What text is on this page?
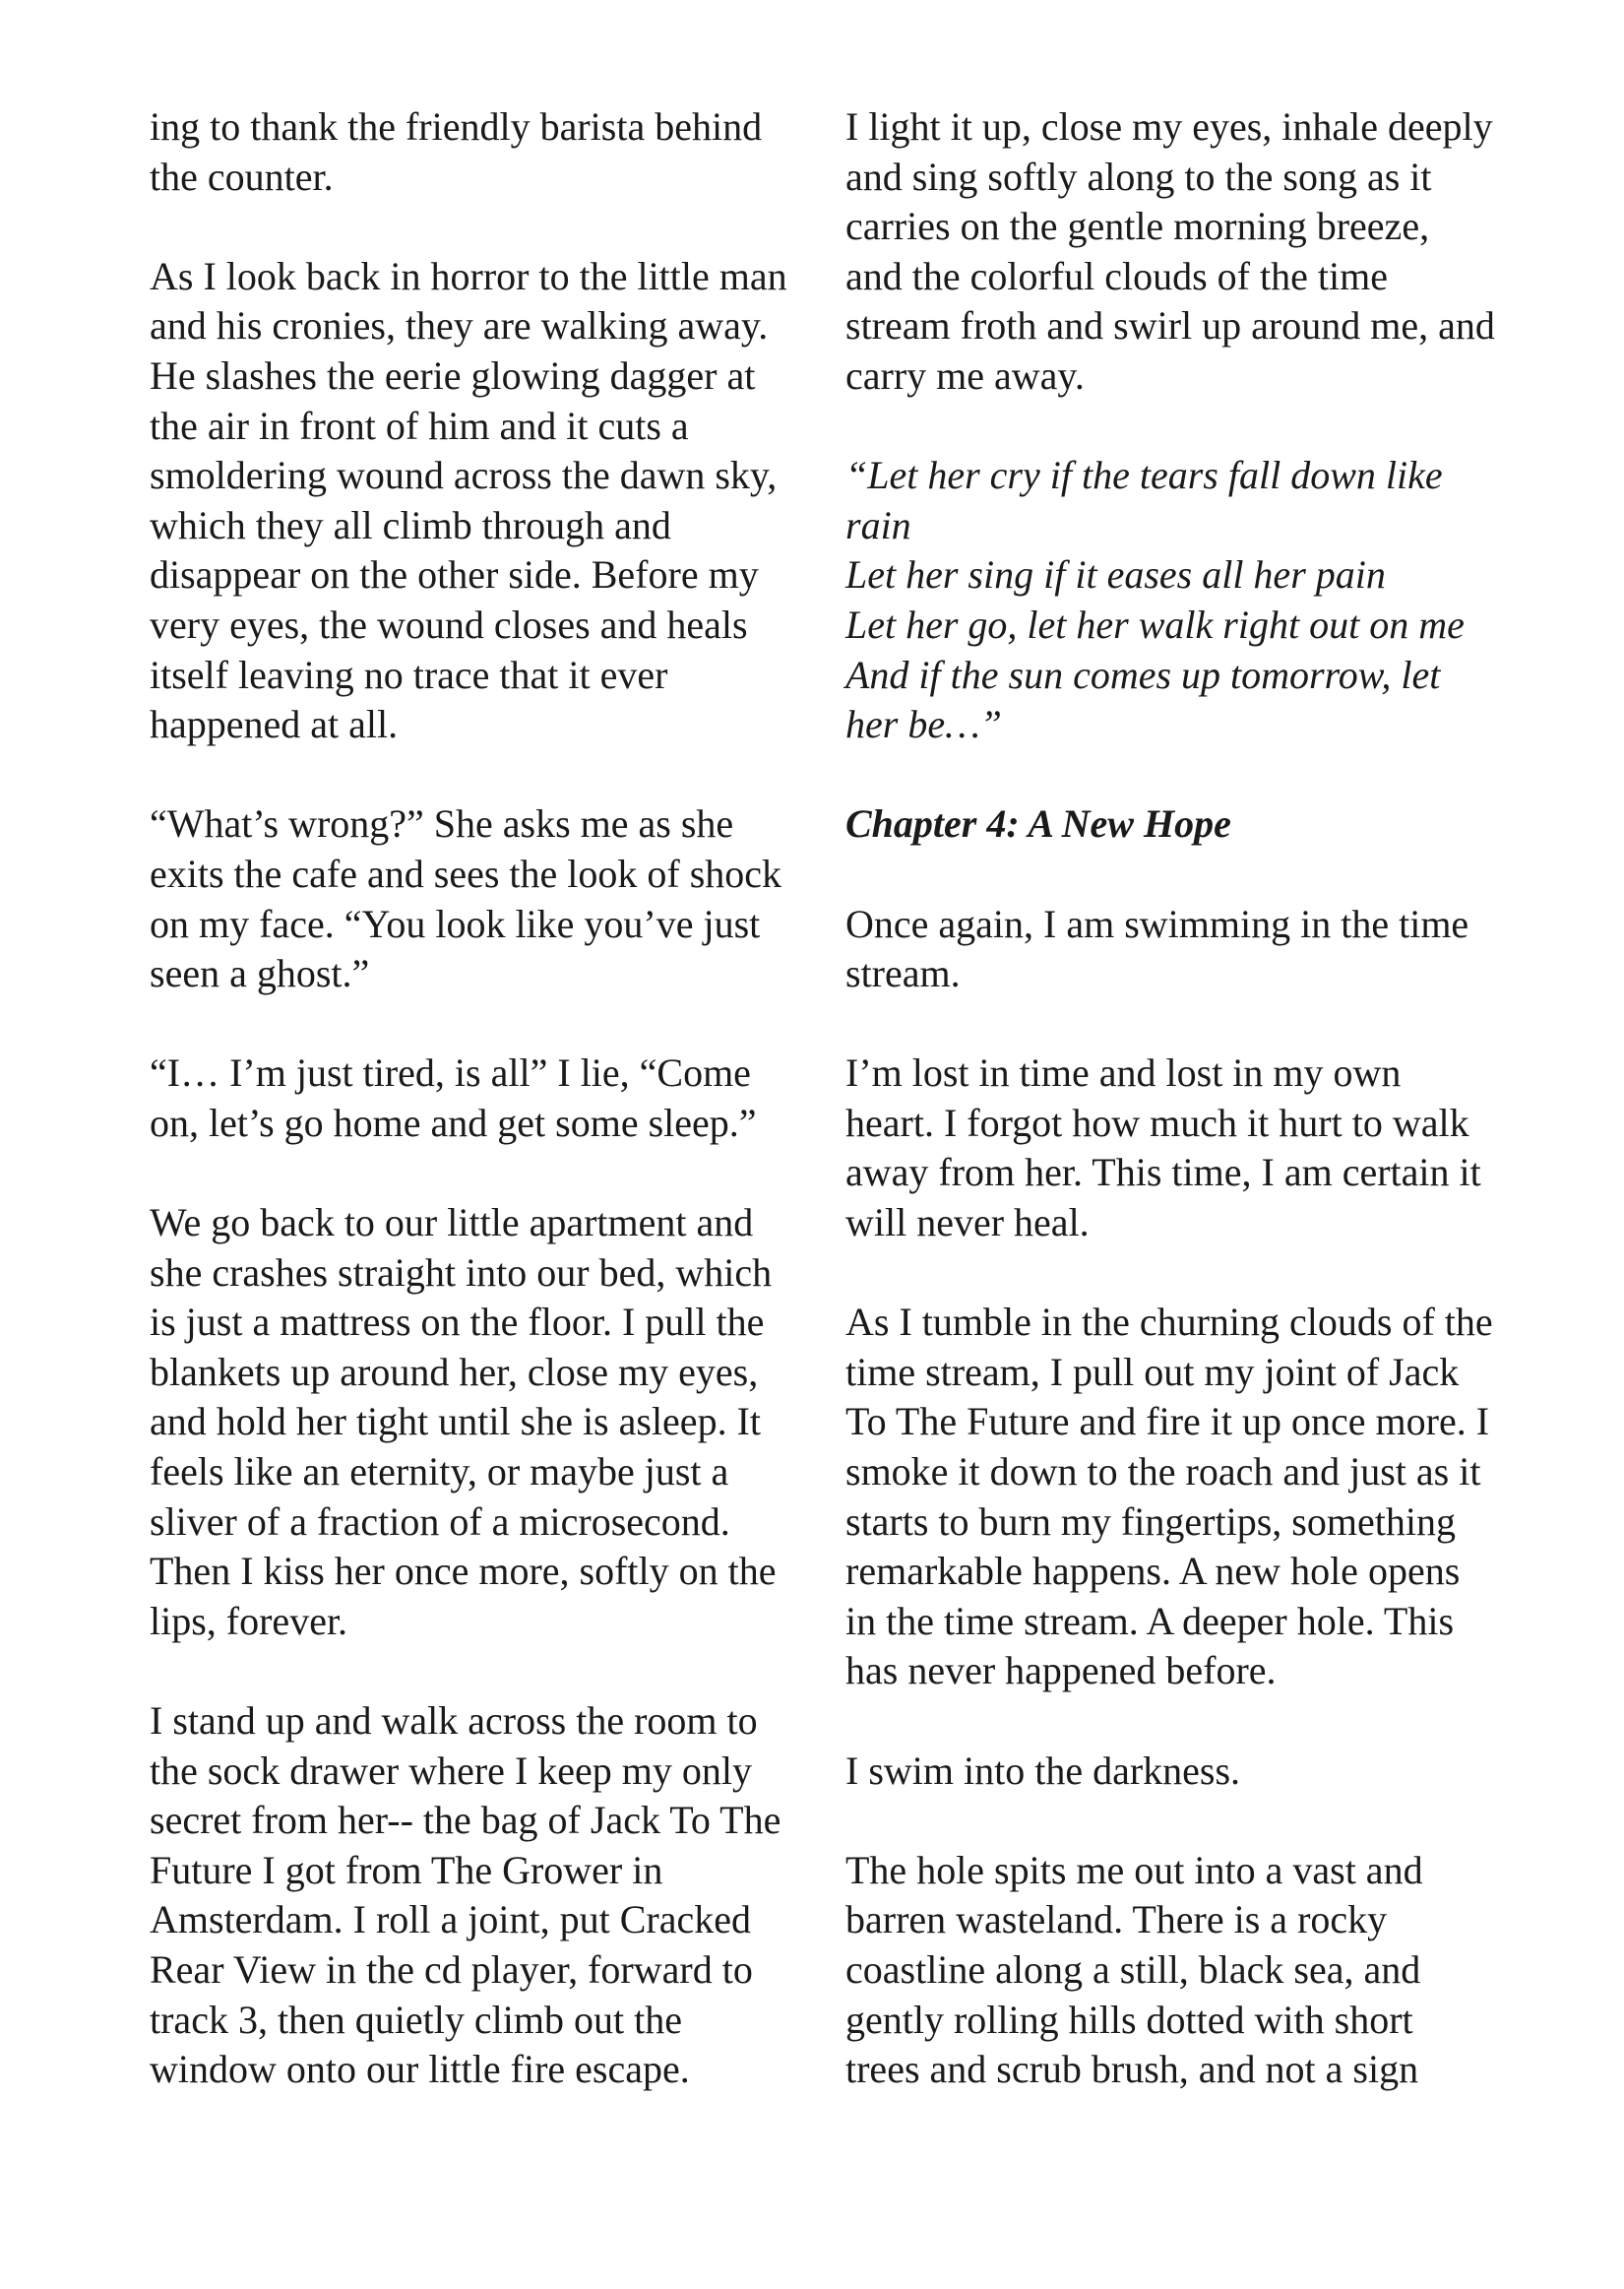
ing to thank the friendly barista behind the counter.

As I look back in horror to the little man and his cronies, they are walking away. He slashes the eerie glowing dagger at the air in front of him and it cuts a smoldering wound across the dawn sky, which they all climb through and disappear on the other side. Before my very eyes, the wound closes and heals itself leaving no trace that it ever happened at all.

“What’s wrong?” She asks me as she exits the cafe and sees the look of shock on my face. “You look like you’ve just seen a ghost.”

“I… I’m just tired, is all” I lie, “Come on, let’s go home and get some sleep.”

We go back to our little apartment and she crashes straight into our bed, which is just a mattress on the floor. I pull the blankets up around her, close my eyes, and hold her tight until she is asleep. It feels like an eternity, or maybe just a sliver of a fraction of a microsecond. Then I kiss her once more, softly on the lips, forever.

I stand up and walk across the room to the sock drawer where I keep my only secret from her-- the bag of Jack To The Future I got from The Grower in Amsterdam. I roll a joint, put Cracked Rear View in the cd player, forward to track 3, then quietly climb out the window onto our little fire escape.

I light it up, close my eyes, inhale deeply and sing softly along to the song as it carries on the gentle morning breeze, and the colorful clouds of the time stream froth and swirl up around me, and carry me away.

“Let her cry if the tears fall down like rain
Let her sing if it eases all her pain
Let her go, let her walk right out on me
And if the sun comes up tomorrow, let her be…”

Chapter 4: A New Hope

Once again, I am swimming in the time stream.

I’m lost in time and lost in my own heart. I forgot how much it hurt to walk away from her. This time, I am certain it will never heal.

As I tumble in the churning clouds of the time stream, I pull out my joint of Jack To The Future and fire it up once more. I smoke it down to the roach and just as it starts to burn my fingertips, something remarkable happens. A new hole opens in the time stream. A deeper hole. This has never happened before.

I swim into the darkness.

The hole spits me out into a vast and barren wasteland. There is a rocky coastline along a still, black sea, and gently rolling hills dotted with short trees and scrub brush, and not a sign
